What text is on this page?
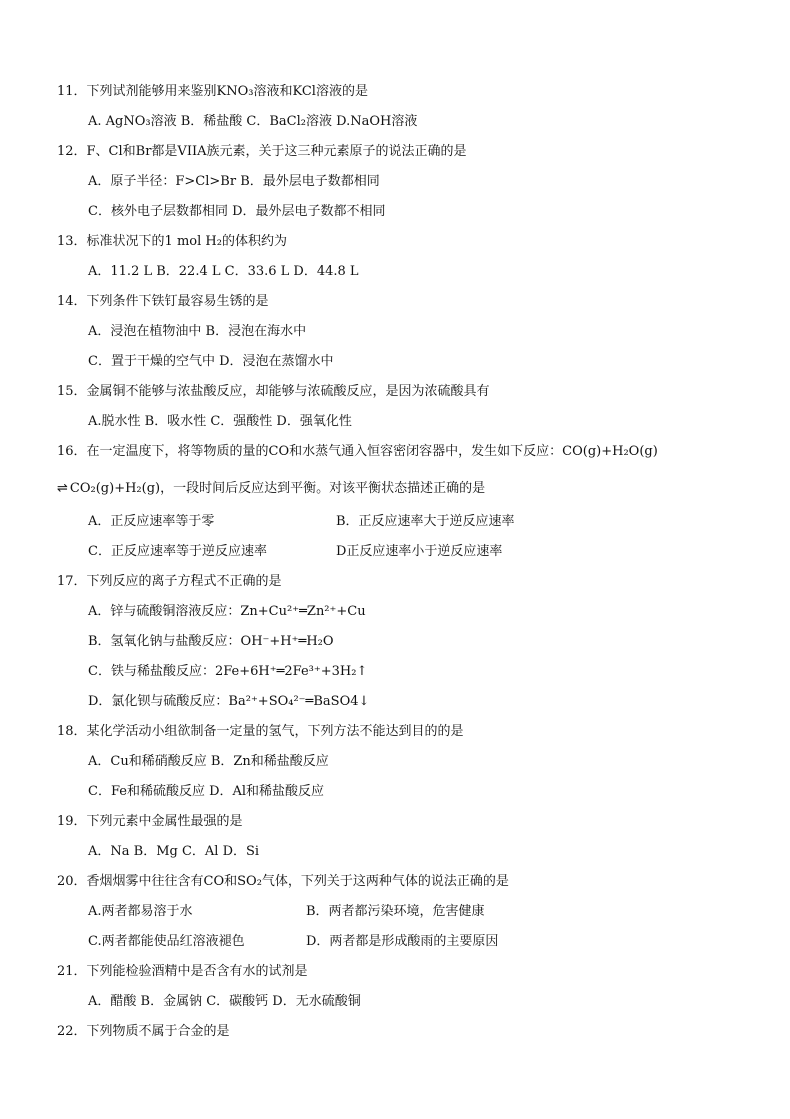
11．下列试剂能够用来鉴别KNO₃溶液和KCl溶液的是
A. AgNO₃溶液 B．稀盐酸 C．BaCl₂溶液 D.NaOH溶液
12．F、Cl和Br都是VIIA族元素，关于这三种元素原子的说法正确的是
A．原子半径：F>Cl>Br B．最外层电子数都相同
C．核外电子层数都相同 D．最外层电子数都不相同
13．标准状况下的1 mol H₂的体积约为
A．11.2 L B．22.4 L C．33.6 L D．44.8 L
14．下列条件下铁钉最容易生锈的是
A．浸泡在植物油中 B．浸泡在海水中
C．置于干燥的空气中 D．浸泡在蒸馏水中
15．金属铜不能够与浓盐酸反应，却能够与浓硫酸反应，是因为浓硫酸具有
A.脱水性 B．吸水性 C．强酸性 D．强氧化性
16．在一定温度下，将等物质的量的CO和水蒸气通入恒容密闭容器中，发生如下反应：CO(g)+H₂O(g)
⇌ CO₂(g)+H₂(g)，一段时间后反应达到平衡。对该平衡状态描述正确的是
A．正反应速率等于零	B．正反应速率大于逆反应速率
C．正反应速率等于逆反应速率	D正反应速率小于逆反应速率
17．下列反应的离子方程式不正确的是
A．锌与硫酸铜溶液反应：Zn+Cu²⁺═Zn²⁺+Cu
B．氢氧化钠与盐酸反应：OH⁻+H⁺═H₂O
C．铁与稀盐酸反应：2Fe+6H⁺═2Fe³⁺+3H₂↑
D．氯化钡与硫酸反应：Ba²⁺+SO₄²⁻═BaSO4↓
18．某化学活动小组欲制备一定量的氢气，下列方法不能达到目的的是
A．Cu和稀硝酸反应 B．Zn和稀盐酸反应
C．Fe和稀硫酸反应 D．Al和稀盐酸反应
19．下列元素中金属性最强的是
A．Na B．Mg C．Al D．Si
20．香烟烟雾中往往含有CO和SO₂气体，下列关于这两种气体的说法正确的是
A.两者都易溶于水	B．两者都污染环境，危害健康
C.两者都能使品红溶液褪色	D．两者都是形成酸雨的主要原因
21．下列能检验酒精中是否含有水的试剂是
A．醋酸 B．金属钠 C．碳酸钙 D．无水硫酸铜
22．下列物质不属于合金的是
